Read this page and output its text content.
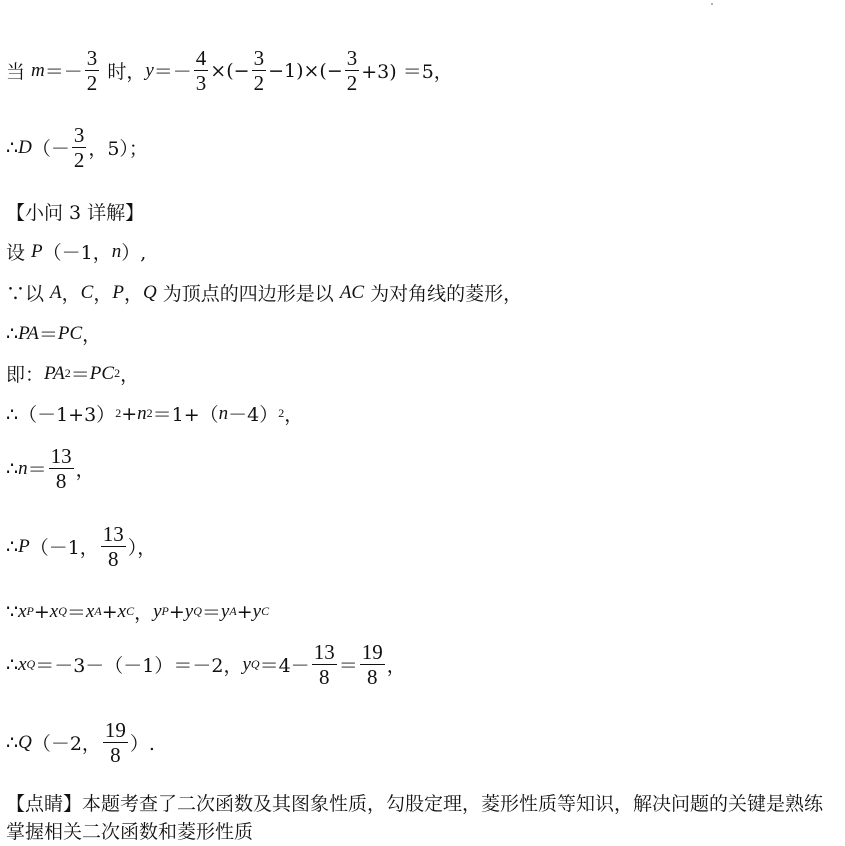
当 $m =- \frac{3}{2}$ 时， $y =- \frac{4}{3}$ ×(− $\frac{3}{2} -1)\times(- \frac{3}{2} +3) =5$，
∴ D （－ $\frac{3}{2}$ ，5）；
【小问 3 详解】
设 P （－1， n ）,
∵以 A ， C ， P ， Q 为顶点的四边形是以 AC 为对角线的菱形，
∴ PA ＝ PC ，
即： PA 2 ＝ PC 2 ，
∴（－1+3） 2 + n 2 ＝1+（ n －4） 2 ，
∴ $n = \frac{13}{8}$ ，
∴ P （－1， $\frac{13}{8}$ ），
∵ x P + x Q ＝ x A + x C ， y P + y Q ＝ y A + y C
∴ x Q ＝－3－（－1）＝－2， y $Q =4- \frac{13}{8} = \frac{19}{8}$ ，
∴ Q （－2， $\frac{19}{8}$ ）.
【点睛】本题考查了二次函数及其图象性质，勾股定理，菱形性质等知识，解决问题的关键是熟练掌握相关二次函数和菱形性质
